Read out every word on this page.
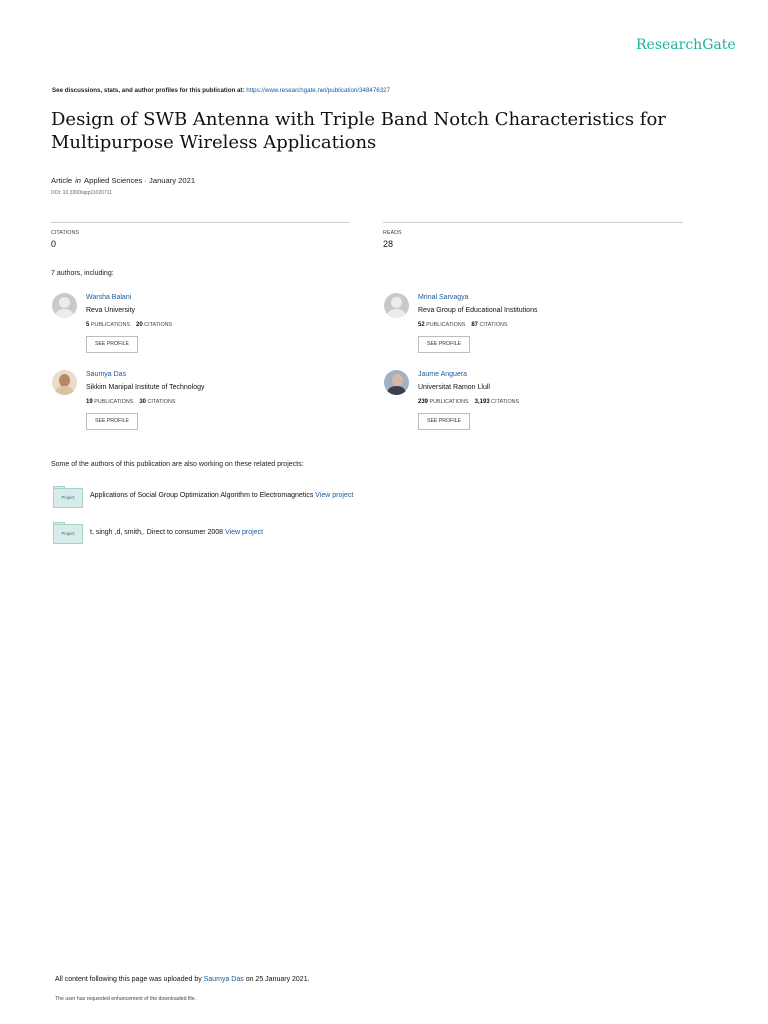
ResearchGate
See discussions, stats, and author profiles for this publication at: https://www.researchgate.net/publication/348476327
Design of SWB Antenna with Triple Band Notch Characteristics for
Multipurpose Wireless Applications
Article in Applied Sciences · January 2021
DOI: 10.3390/app11020711
CITATIONS
0
READS
28
7 authors, including:
Warsha Balani
Reva University
5 PUBLICATIONS 20 CITATIONS
SEE PROFILE
Mrinal Sarvagya
Reva Group of Educational Institutions
52 PUBLICATIONS 87 CITATIONS
SEE PROFILE
Saumya Das
Sikkim Manipal Institute of Technology
19 PUBLICATIONS 30 CITATIONS
SEE PROFILE
Jaume Anguera
Universitat Ramon Llull
239 PUBLICATIONS 3,193 CITATIONS
SEE PROFILE
Some of the authors of this publication are also working on these related projects:
Project	Applications of Social Group Optimization Algorithm to Electromagnetics View project
Project	t, singh ,d, smith,. Direct to consumer 2008 View project
All content following this page was uploaded by Saumya Das on 25 January 2021.
The user has requested enhancement of the downloaded file.
